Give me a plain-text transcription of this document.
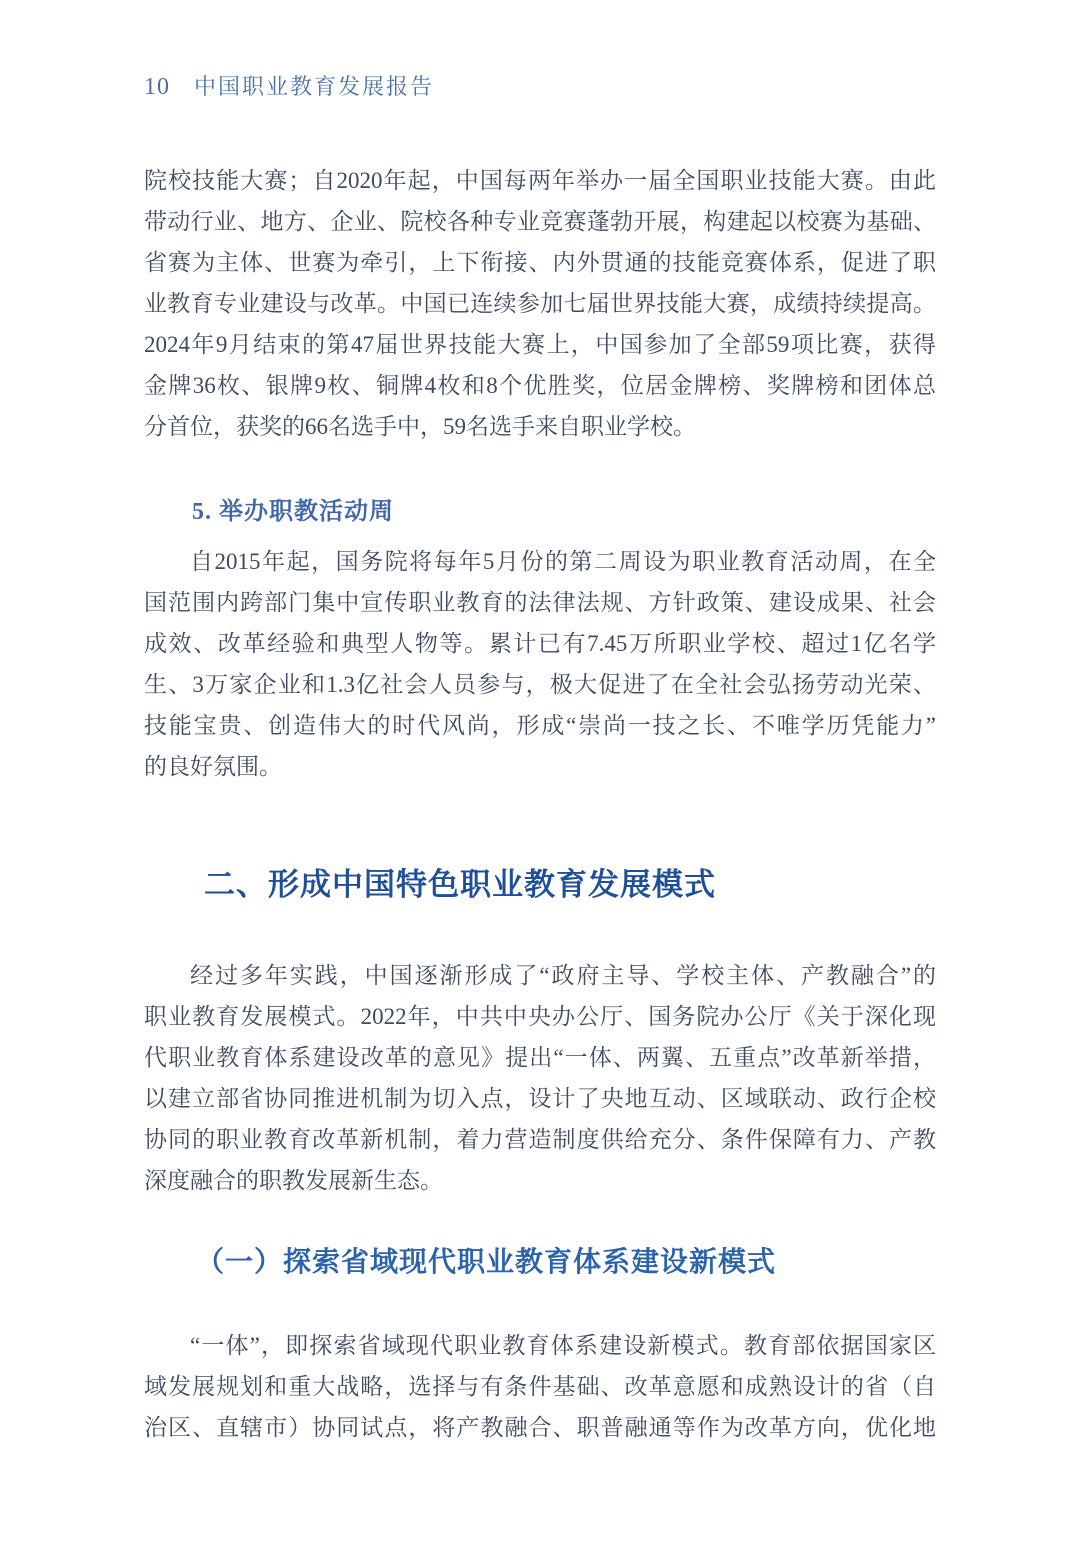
10 中国职业教育发展报告
院校技能大赛；自2020年起，中国每两年举办一届全国职业技能大赛。由此
带动行业、地方、企业、院校各种专业竞赛蓬勃开展，构建起以校赛为基础、
省赛为主体、世赛为牵引，上下衔接、内外贯通的技能竞赛体系，促进了职
业教育专业建设与改革。中国已连续参加七届世界技能大赛，成绩持续提高。
2024年9月结束的第47届世界技能大赛上，中国参加了全部59项比赛，获得
金牌36枚、银牌9枚、铜牌4枚和8个优胜奖，位居金牌榜、奖牌榜和团体总
分首位，获奖的66名选手中，59名选手来自职业学校。
5. 举办职教活动周
自2015年起，国务院将每年5月份的第二周设为职业教育活动周，在全
国范围内跨部门集中宣传职业教育的法律法规、方针政策、建设成果、社会
成效、改革经验和典型人物等。累计已有7.45万所职业学校、超过1亿名学
生、3万家企业和1.3亿社会人员参与，极大促进了在全社会弘扬劳动光荣、
技能宝贵、创造伟大的时代风尚，形成“崇尚一技之长、不唯学历凭能力”
的良好氛围。
二、形成中国特色职业教育发展模式
经过多年实践，中国逐渐形成了“政府主导、学校主体、产教融合”的
职业教育发展模式。2022年，中共中央办公厅、国务院办公厅《关于深化现
代职业教育体系建设改革的意见》提出“一体、两翼、五重点”改革新举措，
以建立部省协同推进机制为切入点，设计了央地互动、区域联动、政行企校
协同的职业教育改革新机制，着力营造制度供给充分、条件保障有力、产教
深度融合的职教发展新生态。
（一）探索省域现代职业教育体系建设新模式
“一体”，即探索省域现代职业教育体系建设新模式。教育部依据国家区
域发展规划和重大战略，选择与有条件基础、改革意愿和成熟设计的省（自
治区、直辖市）协同试点，将产教融合、职普融通等作为改革方向，优化地
